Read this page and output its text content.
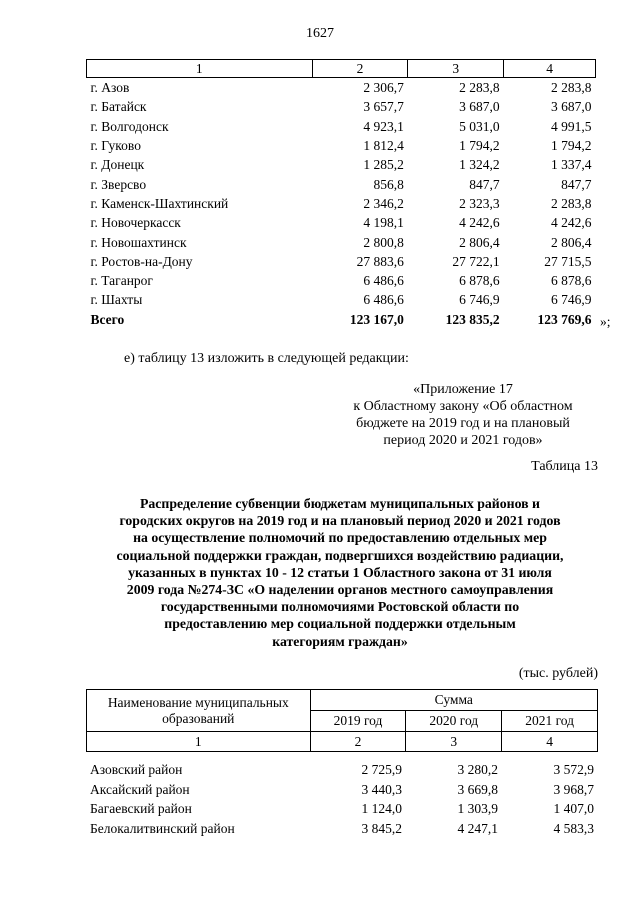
1627
1	2	3	4
г. Азов	2 306,7	2 283,8	2 283,8
г. Батайск	3 657,7	3 687,0	3 687,0
г. Волгодонск	4 923,1	5 031,0	4 991,5
г. Гуково	1 812,4	1 794,2	1 794,2
г. Донецк	1 285,2	1 324,2	1 337,4
г. Зверсво	856,8	847,7	847,7
г. Каменск-Шахтинский	2 346,2	2 323,3	2 283,8
г. Новочеркасск	4 198,1	4 242,6	4 242,6
г. Новошахтинск	2 800,8	2 806,4	2 806,4
г. Ростов-на-Дону	27 883,6	27 722,1	27 715,5
г. Таганрог	6 486,6	6 878,6	6 878,6
г. Шахты	6 486,6	6 746,9	6 746,9
Всего	123 167,0	123 835,2	123 769,6 »;
е) таблицу 13 изложить в следующей редакции:
«Приложение 17
к Областному закону «Об областном
бюджете на 2019 год и на плановый
период 2020 и 2021 годов»
Таблица 13
Распределение субвенции бюджетам муниципальных районов и
городских округов на 2019 год и на плановый период 2020 и 2021 годов
на осуществление полномочий по предоставлению отдельных мер
социальной поддержки граждан, подвергшихся воздействию радиации,
указанных в пунктах 10 - 12 статьи 1 Областного закона от 31 июля
2009 года №274-ЗС «О наделении органов местного самоуправления
государственными полномочиями Ростовской области по
предоставлению мер социальной поддержки отдельным
категориям граждан»
(тыс. рублей)
Наименование муниципальных образований	Сумма		
	2019 год	2020 год	2021 год
1	2	3	4
Азовский район	2 725,9	3 280,2	3 572,9
Аксайский район	3 440,3	3 669,8	3 968,7
Багаевский район	1 124,0	1 303,9	1 407,0
Белокалитвинский район	3 845,2	4 247,1	4 583,3
